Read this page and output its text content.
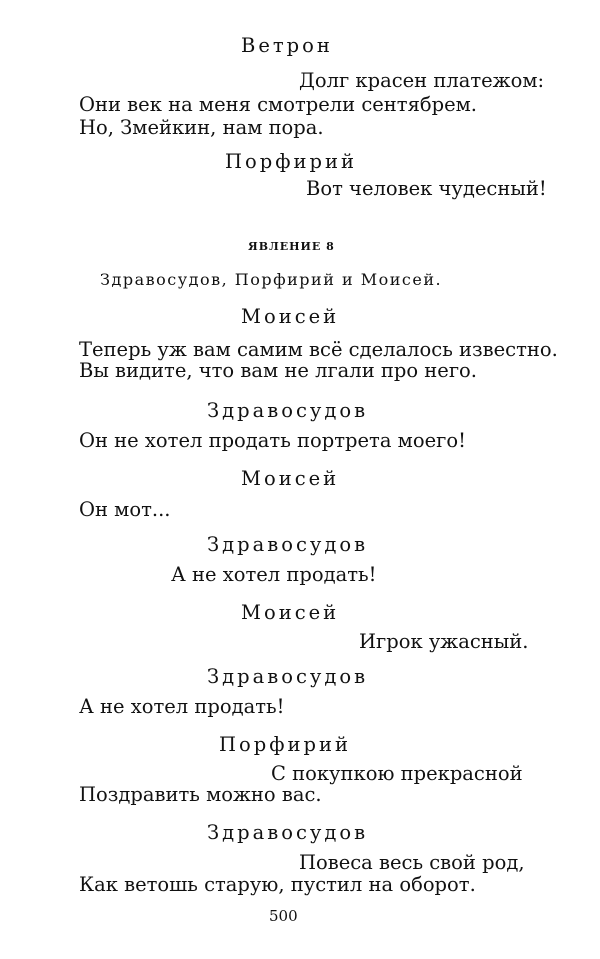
Ветрон
Долг красен платежом:
Они век на меня смотрели сентябрем.
Но, Змейкин, нам пора.
Порфирий
Вот человек чудесный!
ЯВЛЕНИЕ 8
Здравосудов, Порфирий и Моисей.
Моисей
Теперь уж вам самим всё сделалось известно.
Вы видите, что вам не лгали про него.
Здравосудов
Он не хотел продать портрета моего!
Моисей
Он мот...
Здравосудов
А не хотел продать!
Моисей
Игрок ужасный.
Здравосудов
А не хотел продать!
Порфирий
С покупкою прекрасной
Поздравить можно вас.
Здравосудов
Повеса весь свой род,
Как ветошь старую, пустил на оборот.
500
